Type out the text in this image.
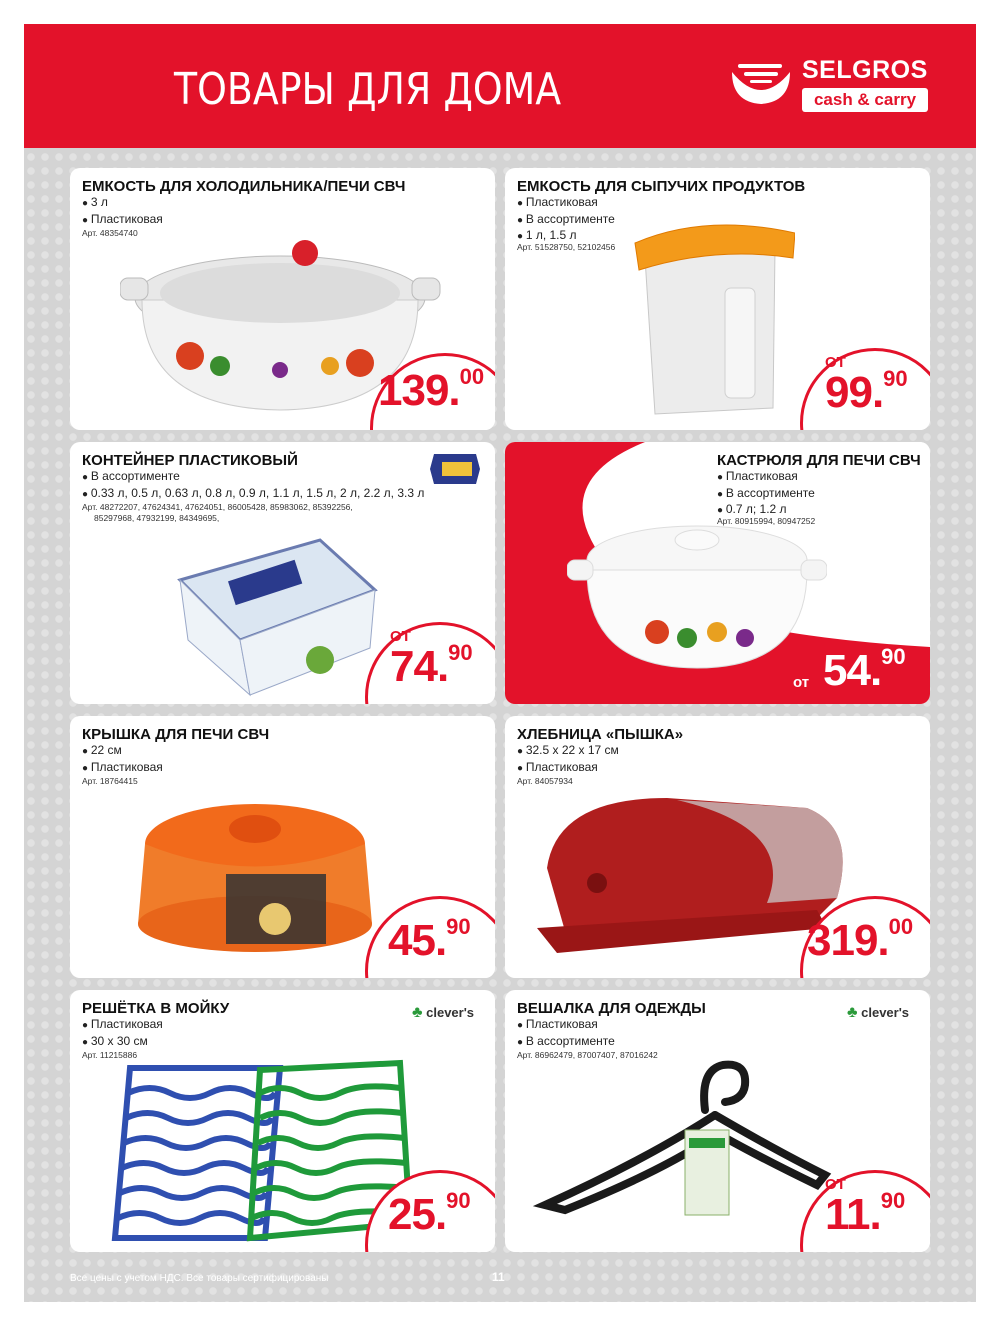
ТОВАРЫ ДЛЯ ДОМА	SELGROS
cash & carry
ЕМКОСТЬ ДЛЯ ХОЛОДИЛЬНИКА/ПЕЧИ СВЧ
● 3 л
● Пластиковая
Арт. 48354740
139.00
ЕМКОСТЬ ДЛЯ СЫПУЧИХ ПРОДУКТОВ
● Пластиковая
● В ассортименте
● 1 л, 1.5 л
Арт. 51528750, 52102456
ОТ
99.90
КОНТЕЙНЕР ПЛАСТИКОВЫЙ
● В ассортименте
● 0.33 л, 0.5 л, 0.63 л, 0.8 л, 0.9 л, 1.1 л, 1.5 л, 2 л, 2.2 л, 3.3 л
Арт. 48272207, 47624341, 47624051, 86005428, 85983062, 85392256,
85297968, 47932199, 84349695,
ОТ
74.90
КАСТРЮЛЯ ДЛЯ ПЕЧИ СВЧ
● Пластиковая
● В ассортименте
● 0.7 л; 1.2 л
Арт. 80915994, 80947252
от 54.90
КРЫШКА ДЛЯ ПЕЧИ СВЧ
● 22 см
● Пластиковая
Арт. 18764415
45.90
ХЛЕБНИЦА «ПЫШКА»
● 32.5 х 22 х 17 см
● Пластиковая
Арт. 84057934
319.00
РЕШЁТКА В МОЙКУ	♣ clever's
● Пластиковая
● 30 х 30 см
Арт. 11215886
25.90
ВЕШАЛКА ДЛЯ ОДЕЖДЫ	♣ clever's
● Пластиковая
● В ассортименте
Арт. 86962479, 87007407, 87016242
ОТ
11.90
Все цены с учетом НДС. Все товары сертифицированы	11
